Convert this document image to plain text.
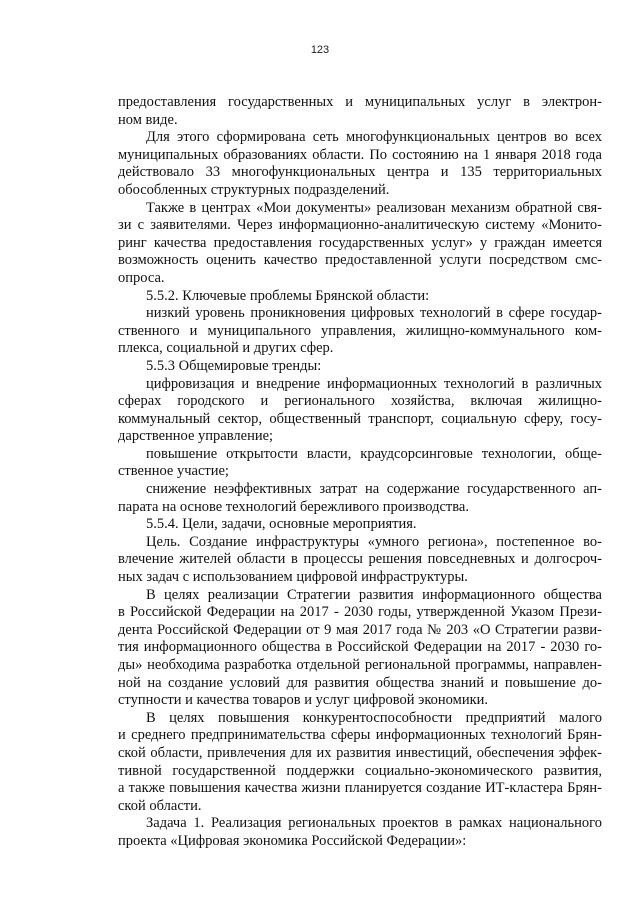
123
предоставления государственных и муниципальных услуг в электрон-
ном виде.
Для этого сформирована сеть многофункциональных центров во всех
муниципальных образованиях области. По состоянию на 1 января 2018 года
действовало 33 многофункциональных центра и 135 территориальных
обособленных структурных подразделений.
Также в центрах «Мои документы» реализован механизм обратной свя-
зи с заявителями. Через информационно-аналитическую систему «Монито-
ринг качества предоставления государственных услуг» у граждан имеется
возможность оценить качество предоставленной услуги посредством смс-
опроса.
5.5.2. Ключевые проблемы Брянской области:
низкий уровень проникновения цифровых технологий в сфере государ-
ственного и муниципального управления, жилищно-коммунального ком-
плекса, социальной и других сфер.
5.5.3 Общемировые тренды:
цифровизация и внедрение информационных технологий в различных
сферах городского и регионального хозяйства, включая жилищно-
коммунальный сектор, общественный транспорт, социальную сферу, госу-
дарственное управление;
повышение открытости власти, краудсорсинговые технологии, обще-
ственное участие;
снижение неэффективных затрат на содержание государственного ап-
парата на основе технологий бережливого производства.
5.5.4. Цели, задачи, основные мероприятия.
Цель. Создание инфраструктуры «умного региона», постепенное во-
влечение жителей области в процессы решения повседневных и долгосроч-
ных задач с использованием цифровой инфраструктуры.
В целях реализации Стратегии развития информационного общества
в Российской Федерации на 2017 - 2030 годы, утвержденной Указом Прези-
дента Российской Федерации от 9 мая 2017 года № 203 «О Стратегии разви-
тия информационного общества в Российской Федерации на 2017 - 2030 го-
ды» необходима разработка отдельной региональной программы, направлен-
ной на создание условий для развития общества знаний и повышение до-
ступности и качества товаров и услуг цифровой экономики.
В целях повышения конкурентоспособности предприятий малого
и среднего предпринимательства сферы информационных технологий Брян-
ской области, привлечения для их развития инвестиций, обеспечения эффек-
тивной государственной поддержки социально-экономического развития,
а также повышения качества жизни планируется создание ИТ-кластера Брян-
ской области.
Задача 1. Реализация региональных проектов в рамках национального
проекта «Цифровая экономика Российской Федерации»:
